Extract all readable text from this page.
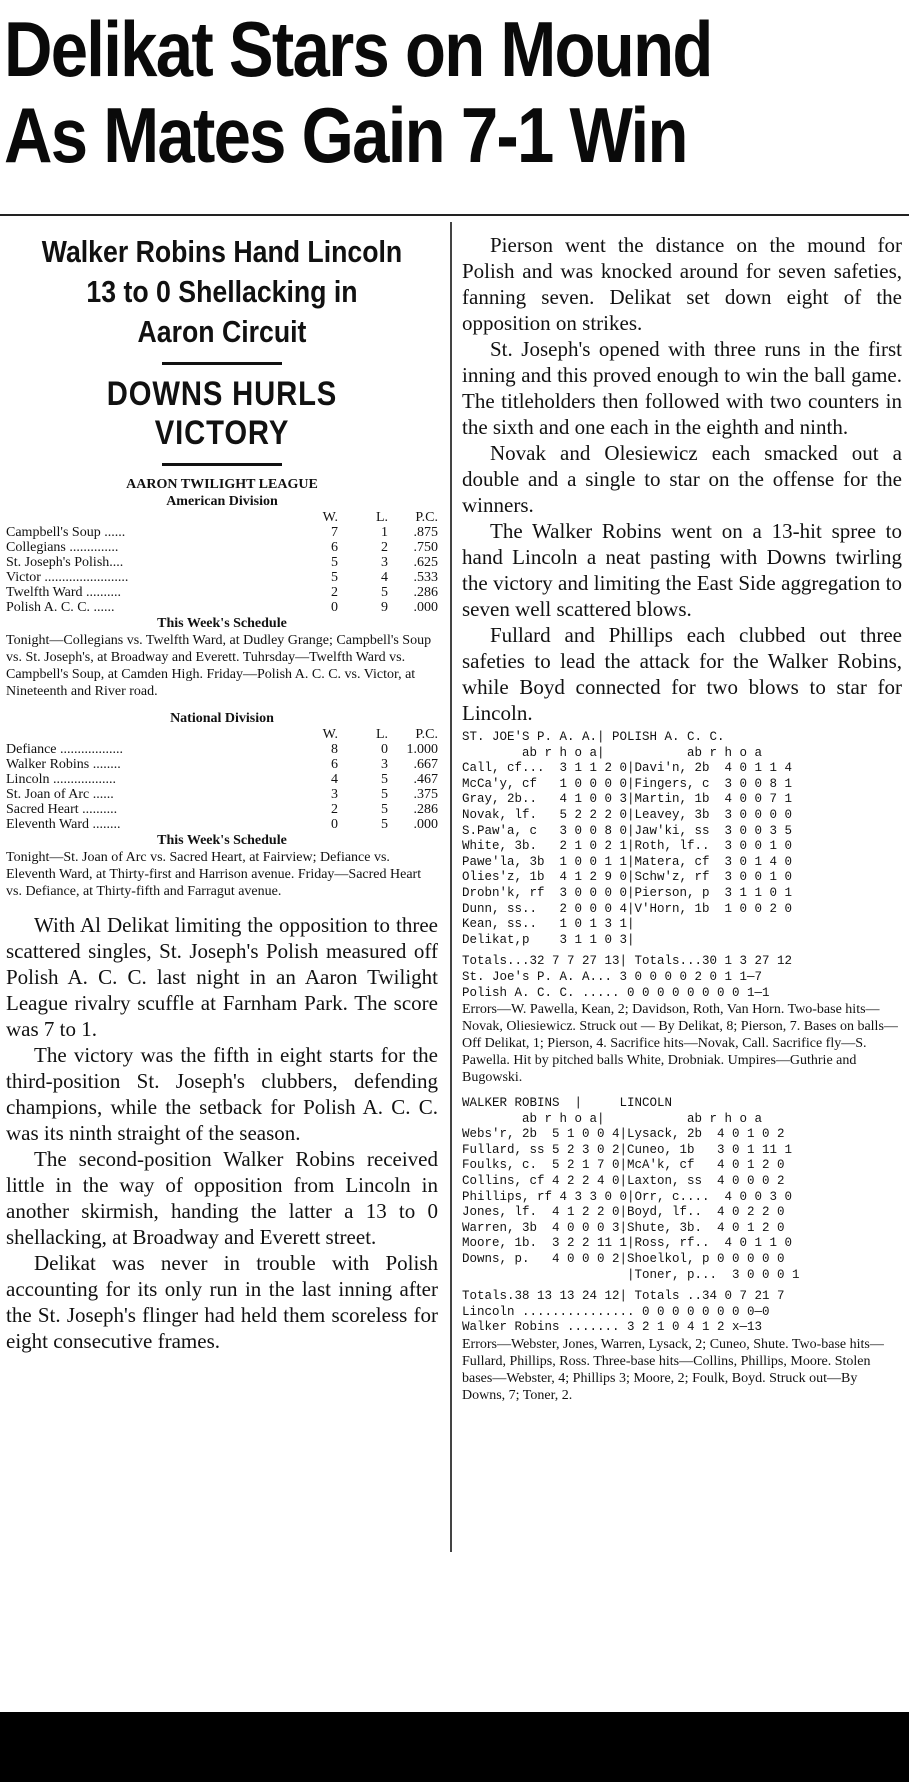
Delikat Stars on Mound
As Mates Gain 7-1 Win
Walker Robins Hand Lincoln
13 to 0 Shellacking in
Aaron Circuit
DOWNS HURLS VICTORY
AARON TWILIGHT LEAGUE
American Division
	W.	L.	P.C.
Campbell's Soup ......	7	1	.875
Collegians ..............	6	2	.750
St. Joseph's Polish....	5	3	.625
Victor ........................	5	4	.533
Twelfth Ward ..........	2	5	.286
Polish A. C. C. ......	0	9	.000
This Week's Schedule
Tonight—Collegians vs. Twelfth Ward, at Dudley Grange; Campbell's Soup vs. St. Joseph's, at Broadway and Everett. Tuhrsday—Twelfth Ward vs. Campbell's Soup, at Camden High. Friday—Polish A. C. C. vs. Victor, at Nineteenth and River road.
National Division
	W.	L.	P.C.
Defiance ..................	8	0	1.000
Walker Robins ........	6	3	.667
Lincoln ..................	4	5	.467
St. Joan of Arc ......	3	5	.375
Sacred Heart ..........	2	5	.286
Eleventh Ward ........	0	5	.000
This Week's Schedule
Tonight—St. Joan of Arc vs. Sacred Heart, at Fairview; Defiance vs. Eleventh Ward, at Thirty-first and Harrison avenue. Friday—Sacred Heart vs. Defiance, at Thirty-fifth and Farragut avenue.

With Al Delikat limiting the opposition to three scattered singles, St. Joseph's Polish measured off Polish A. C. C. last night in an Aaron Twilight League rivalry scuffle at Farnham Park. The score was 7 to 1.

The victory was the fifth in eight starts for the third-position St. Joseph's clubbers, defending champions, while the setback for Polish A. C. C. was its ninth straight of the season.

The second-position Walker Robins received little in the way of opposition from Lincoln in another skirmish, handing the latter a 13 to 0 shellacking, at Broadway and Everett street.

Delikat was never in trouble with Polish accounting for its only run in the last inning after the St. Joseph's flinger had held them scoreless for eight consecutive frames.

Pierson went the distance on the mound for Polish and was knocked around for seven safeties, fanning seven. Delikat set down eight of the opposition on strikes.

St. Joseph's opened with three runs in the first inning and this proved enough to win the ball game. The titleholders then followed with two counters in the sixth and one each in the eighth and ninth.

Novak and Olesiewicz each smacked out a double and a single to star on the offense for the winners.

The Walker Robins went on a 13-hit spree to hand Lincoln a neat pasting with Downs twirling the victory and limiting the East Side aggregation to seven well scattered blows.

Fullard and Phillips each clubbed out three safeties to lead the attack for the Walker Robins, while Boyd connected for two blows to star for Lincoln.

ST. JOE'S P. A. A.| POLISH A. C. C.
ab r h o a|           ab r h o a
Call, cf...  3 1 1 2 0|Davi'n, 2b  4 0 1 1 4
McCa'y, cf   1 0 0 0 0|Fingers, c  3 0 0 8 1
Gray, 2b..   4 1 0 0 3|Martin, 1b  4 0 0 7 1
Novak, lf.   5 2 2 2 0|Leavey, 3b  3 0 0 0 0
S.Paw'a, c   3 0 0 8 0|Jaw'ki, ss  3 0 0 3 5
White, 3b.   2 1 0 2 1|Roth, lf..  3 0 0 1 0
Pawe'la, 3b  1 0 0 1 1|Matera, cf  3 0 1 4 0
Olies'z, 1b  4 1 2 9 0|Schw'z, rf  3 0 0 1 0
Drobn'k, rf  3 0 0 0 0|Pierson, p  3 1 1 0 1
Dunn, ss..   2 0 0 0 4|V'Horn, 1b  1 0 0 2 0
Kean, ss..   1 0 1 3 1|
Delikat,p    3 1 1 0 3|
Totals...32 7 7 27 13| Totals...30 1 3 27 12
St. Joe's P. A. A... 3 0 0 0 0 2 0 1 1—7
Polish A. C. C. ..... 0 0 0 0 0 0 0 0 1—1
Errors—W. Pawella, Kean, 2; Davidson, Roth, Van Horn. Two-base hits—Novak, Oliesiewicz. Struck out — By Delikat, 8; Pierson, 7. Bases on balls—Off Delikat, 1; Pierson, 4. Sacrifice hits—Novak, Call. Sacrifice fly—S. Pawella. Hit by pitched balls White, Drobniak. Umpires—Guthrie and Bugowski.
WALKER ROBINS  |     LINCOLN
ab r h o a|           ab r h o a
Webs'r, 2b  5 1 0 0 4|Lysack, 2b  4 0 1 0 2
Fullard, ss 5 2 3 0 2|Cuneo, 1b   3 0 1 11 1
Foulks, c.  5 2 1 7 0|McA'k, cf   4 0 1 2 0
Collins, cf 4 2 2 4 0|Laxton, ss  4 0 0 0 2
Phillips, rf 4 3 3 0 0|Orr, c....  4 0 0 3 0
Jones, lf.  4 1 2 2 0|Boyd, lf..  4 0 2 2 0
Warren, 3b  4 0 0 0 3|Shute, 3b.  4 0 1 2 0
Moore, 1b.  3 2 2 11 1|Ross, rf..  4 0 1 1 0
Downs, p.   4 0 0 0 2|Shoelkol, p 0 0 0 0 0
|Toner, p...  3 0 0 0 1
Totals.38 13 13 24 12| Totals ..34 0 7 21 7
Lincoln ............... 0 0 0 0 0 0 0 0—0
Walker Robins ....... 3 2 1 0 4 1 2 x—13
Errors—Webster, Jones, Warren, Lysack, 2; Cuneo, Shute. Two-base hits—Fullard, Phillips, Ross. Three-base hits—Collins, Phillips, Moore. Stolen bases—Webster, 4; Phillips 3; Moore, 2; Foulk, Boyd. Struck out—By Downs, 7; Toner, 2.
